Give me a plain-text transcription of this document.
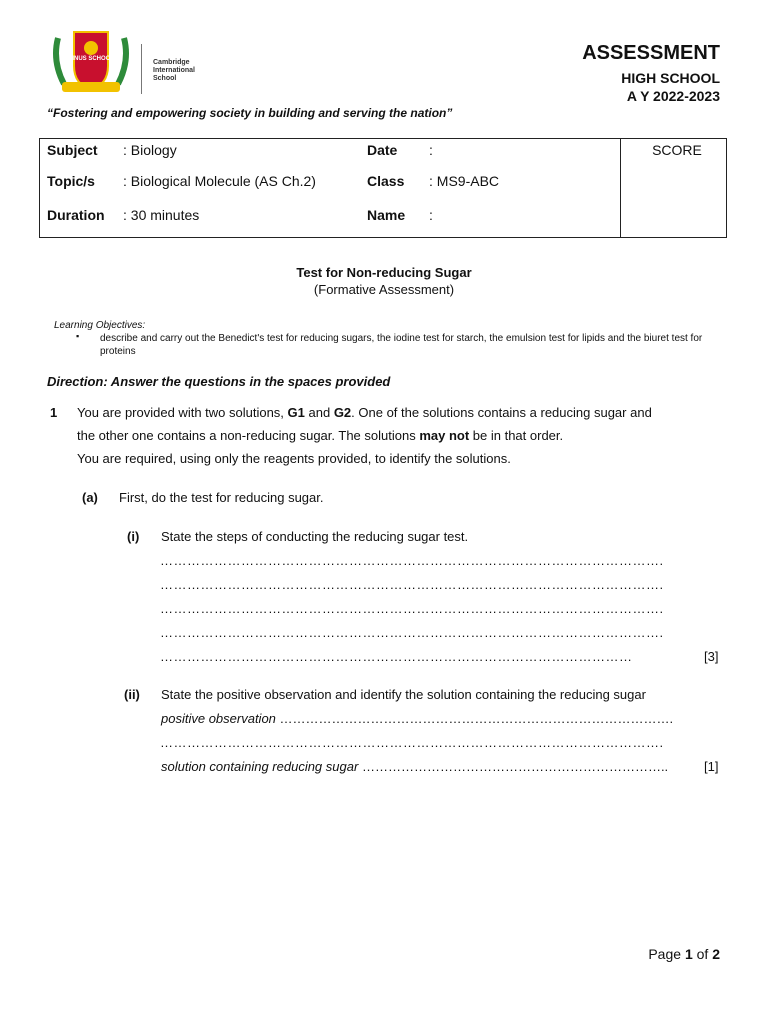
BINUS SCHOOL	Cambridge
International
School
“Fostering and empowering society in building and serving the nation”
ASSESSMENT
HIGH SCHOOL
A Y 2022-2023
Subject : Biology
Topic/s : Biological Molecule (AS Ch.2)
Duration : 30 minutes
Date :
Class : MS9-ABC
Name :
SCORE
Test for Non-reducing Sugar
(Formative Assessment)
Learning Objectives:
▪ describe and carry out the Benedict's test for reducing sugars, the iodine test for starch, the emulsion test for lipids and the biuret test for proteins
Direction: Answer the questions in the spaces provided
1 You are provided with two solutions, G1 and G2. One of the solutions contains a reducing sugar and
the other one contains a non-reducing sugar. The solutions may not be in that order.
You are required, using only the reagents provided, to identify the solutions.
(a) First, do the test for reducing sugar.
(i) State the steps of conducting the reducing sugar test.
………………………………………………………………………………………………….
………………………………………………………………………………………………….
………………………………………………………………………………………………….
………………………………………………………………………………………………….
……………………………………………………………………………………………	[3]
(ii) State the positive observation and identify the solution containing the reducing sugar
positive observation ……………………………………………………………………………….
………………………………………………………………………………………………….
solution containing reducing sugar ……………………………………………………………..	[1]
Page 1 of 2
